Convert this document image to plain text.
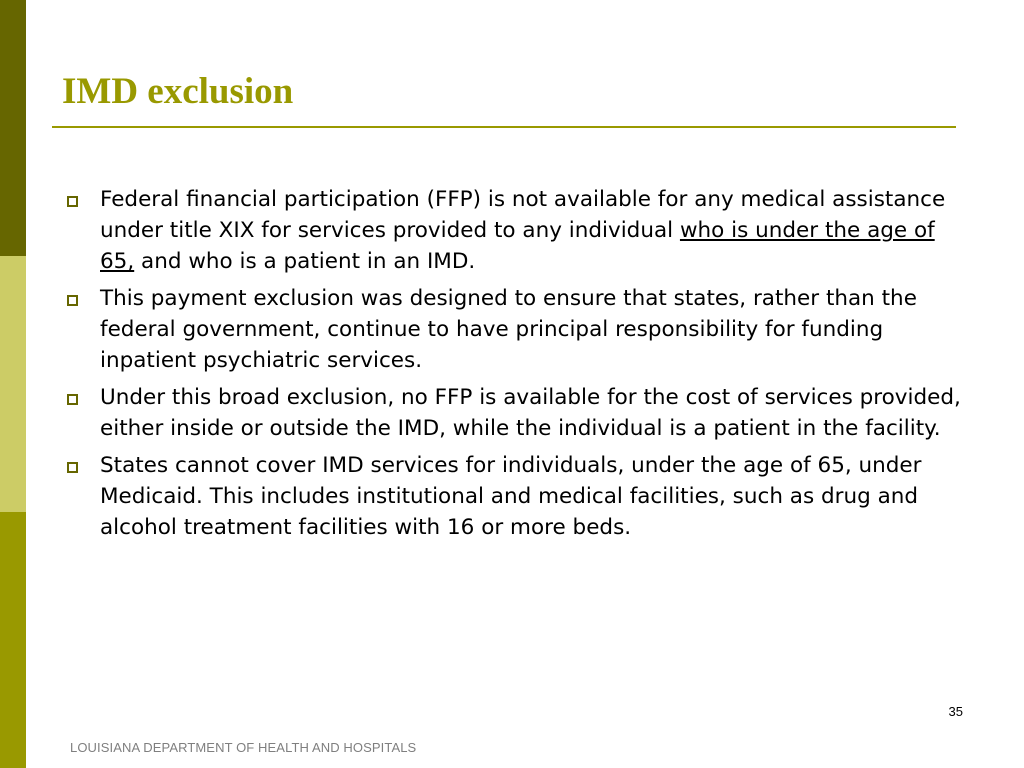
IMD exclusion
Federal financial participation (FFP) is not available for any medical assistance under title XIX for services provided to any individual who is under the age of 65, and who is a patient in an IMD.
This payment exclusion was designed to ensure that states, rather than the federal government, continue to have principal responsibility for funding inpatient psychiatric services.
Under this broad exclusion, no FFP is available for the cost of services provided, either inside or outside the IMD, while the individual is a patient in the facility.
States cannot cover IMD services for individuals, under the age of 65, under Medicaid. This includes institutional and medical facilities, such as drug and alcohol treatment facilities with 16 or more beds.
35
LOUISIANA DEPARTMENT OF HEALTH AND HOSPITALS
